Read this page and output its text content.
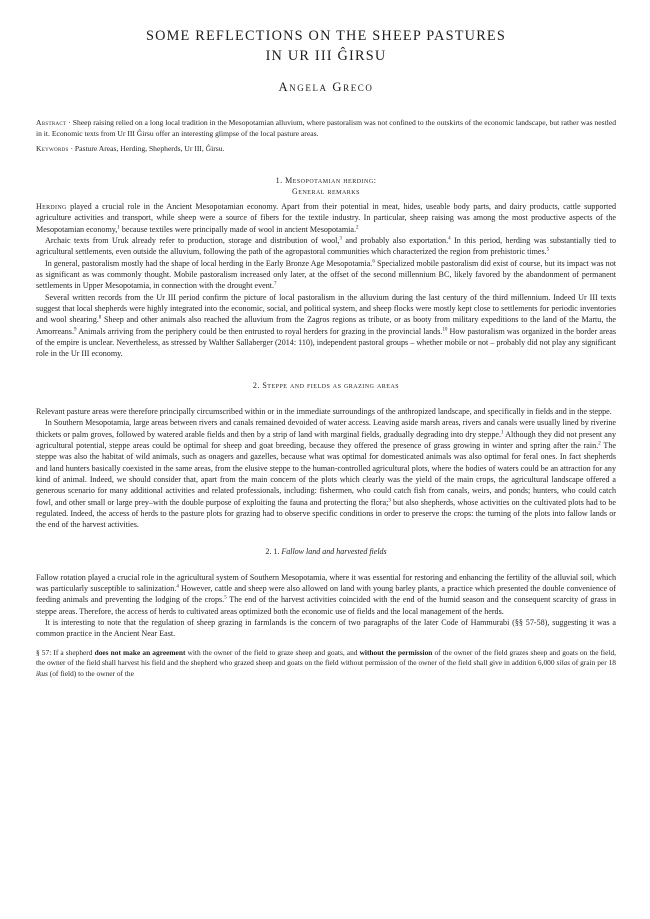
SOME REFLECTIONS ON THE SHEEP PASTURES
IN UR III ĜIRSU
Angela Greco

Abstract · Sheep raising relied on a long local tradition in the Mesopotamian alluvium, where pastoralism was not confined to the outskirts of the economic landscape, but rather was nestled in it. Economic texts from Ur III Ĝirsu offer an interesting glimpse of the local pasture areas.

Keywords · Pasture Areas, Herding, Shepherds, Ur III, Ĝirsu.

1. Mesopotamian herding:
General remarks

Herding played a crucial role in the Ancient Mesopotamian economy. Apart from their potential in meat, hides, useable body parts, and dairy products, cattle supported agriculture activities and transport, while sheep were a source of fibers for the textile industry. In particular, sheep raising was among the most productive aspects of the Mesopotamian economy,$^1$ because textiles were principally made of wool in ancient Mesopotamia.$^2$

Archaic texts from Uruk already refer to production, storage and distribution of wool,$^3$ and probably also exportation.$^4$ In this period, herding was substantially tied to agricultural settlements, even outside the alluvium, following the path of the agropastoral communities which characterized the region from prehistoric times.$^5$

In general, pastoralism mostly had the shape of local herding in the Early Bronze Age Mesopotamia.$^6$ Specialized mobile pastoralism did exist of course, but its impact was not as significant as was commonly thought. Mobile pastoralism increased only later, at the offset of the second millennium BC, likely favored by the abandonment of permanent settlements in Upper Mesopotamia, in connection with the drought event.$^7$

Several written records from the Ur III period confirm the picture of local pastoralism in the alluvium during the last century of the third millennium. Indeed Ur III texts suggest that local shepherds were highly integrated into the economic, social, and political system, and sheep flocks were mostly kept close to settlements for periodic inventories and wool shearing.$^8$ Sheep and other animals also reached the alluvium from the Zagros regions as tribute, or as booty from military expeditions to the land of the Martu, the Amorreans.$^9$ Animals arriving from the periphery could be then entrusted to royal herders for grazing in the provincial lands.$^{10}$ How pastoralism was organized in the border areas of the empire is unclear. Nevertheless, as stressed by Walther Sallaberger (2014: 110), independent pastoral groups – whether mobile or not – probably did not play any significant role in the Ur III economy.

2. Steppe and fields as grazing areas

Relevant pasture areas were therefore principally circumscribed within or in the immediate surroundings of the anthropized landscape, and specifically in fields and in the steppe.

In Southern Mesopotamia, large areas between rivers and canals remained devoided of water access. Leaving aside marsh areas, rivers and canals were usually lined by riverine thickets or palm groves, followed by watered arable fields and then by a strip of land with marginal fields, gradually degrading into dry steppe.$^1$ Although they did not present any agricultural potential, steppe areas could be optimal for sheep and goat breeding, because they offered the presence of grass growing in winter and spring after the rain.$^2$ The steppe was also the habitat of wild animals, such as onagers and gazelles, because what was optimal for domesticated animals was also optimal for feral ones. In fact shepherds and land hunters basically coexisted in the same areas, from the elusive steppe to the human-controlled agricultural plots, where the bodies of waters could be an attraction for any kind of animal. Indeed, we should consider that, apart from the main concern of the plots which clearly was the yield of the main crops, the agricultural landscape offered a generous scenario for many additional activities and related professionals, including: fishermen, who could catch fish from canals, weirs, and ponds; hunters, who could catch fowl, and other small or large prey–with the double purpose of exploiting the fauna and protecting the flora;$^3$ but also shepherds, whose activities on the cultivated plots had to be regulated. Indeed, the access of herds to the pasture plots for grazing had to observe specific conditions in order to preserve the crops: the turning of the plots into fallow lands or the end of the harvest activities.

2. 1. Fallow land and harvested fields

Fallow rotation played a crucial role in the agricultural system of Southern Mesopotamia, where it was essential for restoring and enhancing the fertility of the alluvial soil, which was particularly susceptible to salinization.$^4$ However, cattle and sheep were also allowed on land with young barley plants, a practice which presented the double convenience of feeding animals and preventing the lodging of the crops.$^5$ The end of the harvest activities coincided with the end of the humid season and the consequent scarcity of grass in steppe areas. Therefore, the access of herds to cultivated areas optimized both the economic use of fields and the local management of the herds.

It is interesting to note that the regulation of sheep grazing in farmlands is the concern of two paragraphs of the later Code of Hammurabi (§§ 57-58), suggesting it was a common practice in the Ancient Near East.

§ 57: If a shepherd does not make an agreement with the owner of the field to graze sheep and goats, and without the permission of the owner of the field grazes sheep and goats on the field, the owner of the field shall harvest his field and the shepherd who grazed sheep and goats on the field without permission of the owner of the field shall give in addition 6,000 silas of grain per 18 ikus (of field) to the owner of the
